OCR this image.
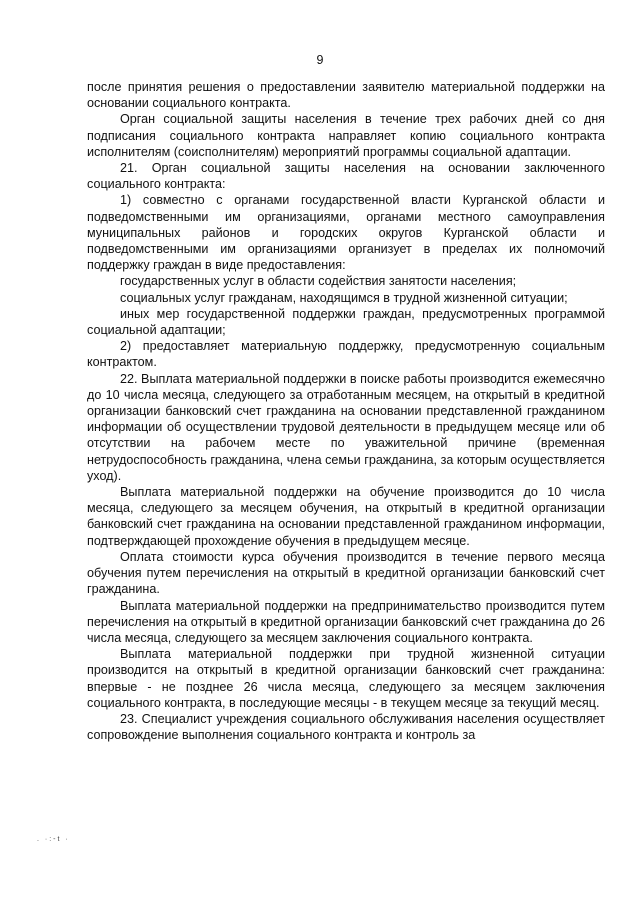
9

после принятия решения о предоставлении заявителю материальной поддержки на основании социального контракта.

Орган социальной защиты населения в течение трех рабочих дней со дня подписания социального контракта направляет копию социального контракта исполнителям (соисполнителям) мероприятий программы социальной адаптации.

21. Орган социальной защиты населения на основании заключенного социального контракта:

1) совместно с органами государственной власти Курганской области и подведомственными им организациями, органами местного самоуправления муниципальных районов и городских округов Курганской области и подведомственными им организациями организует в пределах их полномочий поддержку граждан в виде предоставления:

государственных услуг в области содействия занятости населения;

социальных услуг гражданам, находящимся в трудной жизненной ситуации;

иных мер государственной поддержки граждан, предусмотренных программой социальной адаптации;

2) предоставляет материальную поддержку, предусмотренную социальным контрактом.

22. Выплата материальной поддержки в поиске работы производится ежемесячно до 10 числа месяца, следующего за отработанным месяцем, на открытый в кредитной организации банковский счет гражданина на основании представленной гражданином информации об осуществлении трудовой деятельности в предыдущем месяце или об отсутствии на рабочем месте по уважительной причине (временная нетрудоспособность гражданина, члена семьи гражданина, за которым осуществляется уход).

Выплата материальной поддержки на обучение производится до 10 числа месяца, следующего за месяцем обучения, на открытый в кредитной организации банковский счет гражданина на основании представленной гражданином информации, подтверждающей прохождение обучения в предыдущем месяце.

Оплата стоимости курса обучения производится в течение первого месяца обучения путем перечисления на открытый в кредитной организации банковский счет гражданина.

Выплата материальной поддержки на предпринимательство производится путем перечисления на открытый в кредитной организации банковский счет гражданина до 26 числа месяца, следующего за месяцем заключения социального контракта.

Выплата материальной поддержки при трудной жизненной ситуации производится на открытый в кредитной организации банковский счет гражданина: впервые - не позднее 26 числа месяца, следующего за месяцем заключения социального контракта, в последующие месяцы - в текущем месяце за текущий месяц.

23. Специалист учреждения социального обслуживания населения осуществляет сопровождение выполнения социального контракта и контроль за

. ·:-t ·
